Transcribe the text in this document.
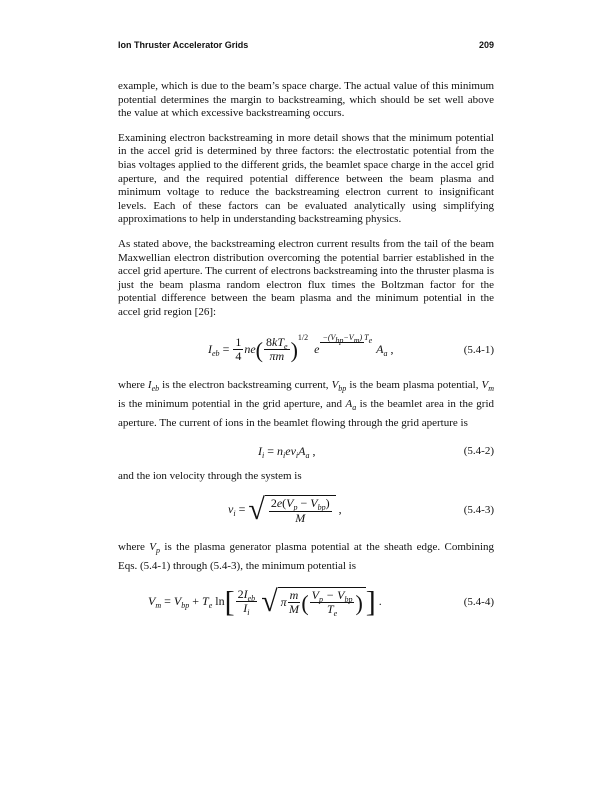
Ion Thruster Accelerator Grids	209
example, which is due to the beam’s space charge. The actual value of this minimum potential determines the margin to backstreaming, which should be set well above the value at which excessive backstreaming occurs.
Examining electron backstreaming in more detail shows that the minimum potential in the accel grid is determined by three factors: the electrostatic potential from the bias voltages applied to the different grids, the beamlet space charge in the accel grid aperture, and the required potential difference between the beam plasma and minimum voltage to reduce the backstreaming electron current to insignificant levels. Each of these factors can be evaluated analytically using simplifying approximations to help in understanding backstreaming physics.
As stated above, the backstreaming electron current results from the tail of the beam Maxwellian electron distribution overcoming the potential barrier established in the accel grid aperture. The current of electrons backstreaming into the thruster plasma is just the beam plasma random electron flux times the Boltzman factor for the potential difference between the beam plasma and the minimum potential in the accel grid region [26]:
$I_{eb} = \frac{1}{4} ne( \frac{8kT_e}{\pi m} )1/2$  $e-(V_{bp}-V_m)$ $T_e$ $A_a$ ,	(5.4-1)
where $I_{eb}$ is the electron backstreaming current, $V_{bp}$ is the beam plasma potential, $V_m$ is the minimum potential in the grid aperture, and $A_a$ is the beamlet area in the grid aperture. The current of ions in the beamlet flowing through the grid aperture is
$I_i = n_iev_iA_a$ ,	(5.4-2)
and the ion velocity through the system is
$v_i$ = √ $\frac{2e(V_p - V_{bp})}{M}$ ,	(5.4-3)
where $V_p$ is the plasma generator plasma potential at the sheath edge. Combining Eqs. (5.4-1) through (5.4-3), the minimum potential is
$V_m = V_{bp} + T_e$ $\ln[ \frac{2I_{eb}}{I_i}$
√ π $\frac{m}{M}$ ( $\frac{V_p - V_{bp}}{T_e}$ ) ] .	(5.4-4)
